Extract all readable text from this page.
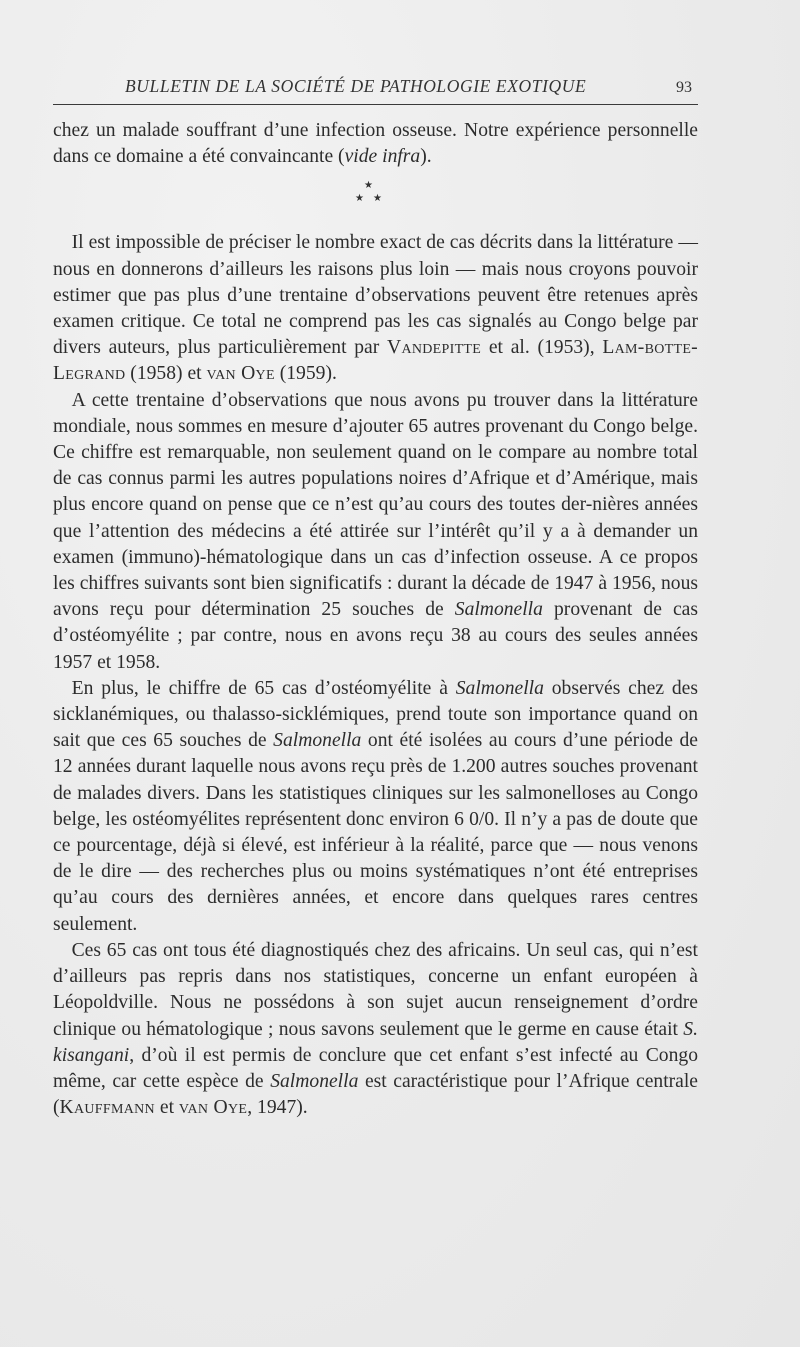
BULLETIN DE LA SOCIÉTÉ DE PATHOLOGIE EXOTIQUE	93

chez un malade souffrant d’une infection osseuse. Notre expérience personnelle dans ce domaine a été convaincante (vide infra).

★
★ ★

Il est impossible de préciser le nombre exact de cas décrits dans la littérature — nous en donnerons d’ailleurs les raisons plus loin — mais nous croyons pouvoir estimer que pas plus d’une trentaine d’observations peuvent être retenues après examen critique. Ce total ne comprend pas les cas signalés au Congo belge par divers auteurs, plus particulièrement par Vandepitte et al. (1953), Lam-botte-Legrand (1958) et van Oye (1959).

A cette trentaine d’observations que nous avons pu trouver dans la littérature mondiale, nous sommes en mesure d’ajouter 65 autres provenant du Congo belge. Ce chiffre est remarquable, non seulement quand on le compare au nombre total de cas connus parmi les autres populations noires d’Afrique et d’Amérique, mais plus encore quand on pense que ce n’est qu’au cours des toutes der-nières années que l’attention des médecins a été attirée sur l’intérêt qu’il y a à demander un examen (immuno)-hématologique dans un cas d’infection osseuse. A ce propos les chiffres suivants sont bien significatifs : durant la décade de 1947 à 1956, nous avons reçu pour détermination 25 souches de Salmonella provenant de cas d’ostéomyélite ; par contre, nous en avons reçu 38 au cours des seules années 1957 et 1958.

En plus, le chiffre de 65 cas d’ostéomyélite à Salmonella observés chez des sicklanémiques, ou thalasso-sicklémiques, prend toute son importance quand on sait que ces 65 souches de Salmonella ont été isolées au cours d’une période de 12 années durant laquelle nous avons reçu près de 1.200 autres souches provenant de malades divers. Dans les statistiques cliniques sur les salmonelloses au Congo belge, les ostéomyélites représentent donc environ 6 0/0. Il n’y a pas de doute que ce pourcentage, déjà si élevé, est inférieur à la réalité, parce que — nous venons de le dire — des recherches plus ou moins systématiques n’ont été entreprises qu’au cours des dernières années, et encore dans quelques rares centres seulement.

Ces 65 cas ont tous été diagnostiqués chez des africains. Un seul cas, qui n’est d’ailleurs pas repris dans nos statistiques, concerne un enfant européen à Léopoldville. Nous ne possédons à son sujet aucun renseignement d’ordre clinique ou hématologique ; nous savons seulement que le germe en cause était S. kisangani, d’où il est permis de conclure que cet enfant s’est infecté au Congo même, car cette espèce de Salmonella est caractéristique pour l’Afrique centrale (Kauffmann et van Oye, 1947).
